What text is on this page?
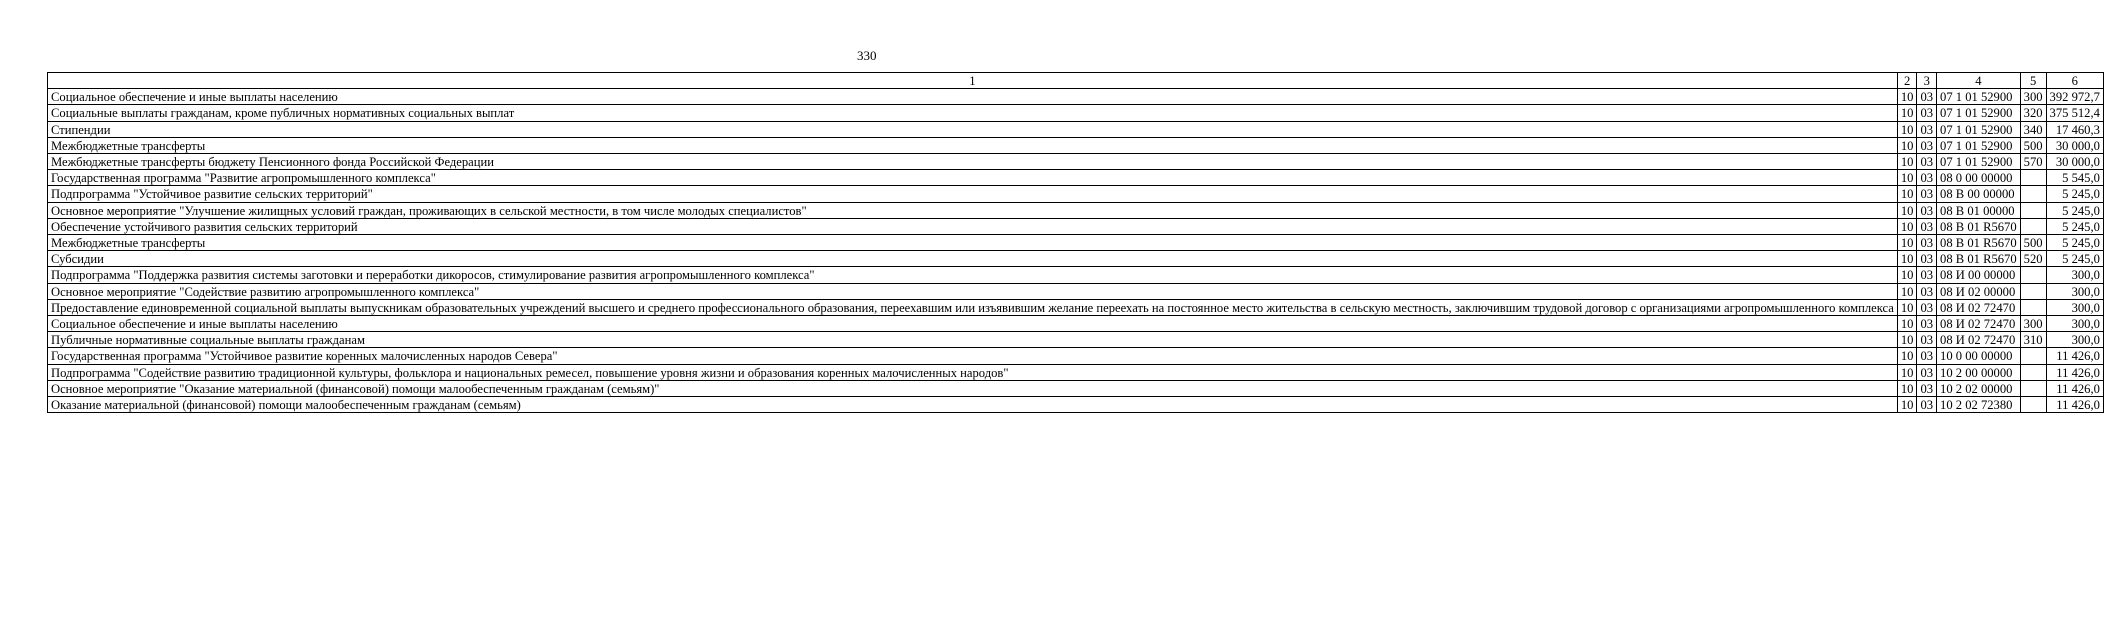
330
1	2	3	4	5	6
Социальное обеспечение и иные выплаты населению	10	03	07 1 01 52900	300	392 972,7
Социальные выплаты гражданам, кроме публичных нормативных социальных выплат	10	03	07 1 01 52900	320	375 512,4
Стипендии	10	03	07 1 01 52900	340	17 460,3
Межбюджетные трансферты	10	03	07 1 01 52900	500	30 000,0
Межбюджетные трансферты бюджету Пенсионного фонда Российской Федерации	10	03	07 1 01 52900	570	30 000,0
Государственная программа "Развитие агропромышленного комплекса"	10	03	08 0 00 00000		5 545,0
Подпрограмма "Устойчивое развитие сельских территорий"	10	03	08 В 00 00000		5 245,0
Основное мероприятие "Улучшение жилищных условий граждан, проживающих в сельской местности, в том числе молодых специалистов"	10	03	08 В 01 00000		5 245,0
Обеспечение устойчивого развития сельских территорий	10	03	08 В 01 R5670		5 245,0
Межбюджетные трансферты	10	03	08 В 01 R5670	500	5 245,0
Субсидии	10	03	08 В 01 R5670	520	5 245,0
Подпрограмма "Поддержка развития системы заготовки и переработки дикоросов, стимулирование развития агропромышленного комплекса"	10	03	08 И 00 00000		300,0
Основное мероприятие "Содействие развитию агропромышленного комплекса"	10	03	08 И 02 00000		300,0
Предоставление единовременной социальной выплаты выпускникам образовательных учреждений высшего и среднего профессионального образования, переехавшим или изъявившим желание переехать на постоянное место жительства в сельскую местность, заключившим трудовой договор с организациями агропромышленного комплекса	10	03	08 И 02 72470		300,0
Социальное обеспечение и иные выплаты населению	10	03	08 И 02 72470	300	300,0
Публичные нормативные социальные выплаты гражданам	10	03	08 И 02 72470	310	300,0
Государственная программа "Устойчивое развитие коренных малочисленных народов Севера"	10	03	10 0 00 00000		11 426,0
Подпрограмма "Содействие развитию традиционной культуры, фольклора и национальных ремесел, повышение уровня жизни и образования коренных малочисленных народов"	10	03	10 2 00 00000		11 426,0
Основное мероприятие "Оказание материальной (финансовой) помощи малообеспеченным гражданам (семьям)"	10	03	10 2 02 00000		11 426,0
Оказание материальной (финансовой) помощи малообеспеченным гражданам (семьям)	10	03	10 2 02 72380		11 426,0
